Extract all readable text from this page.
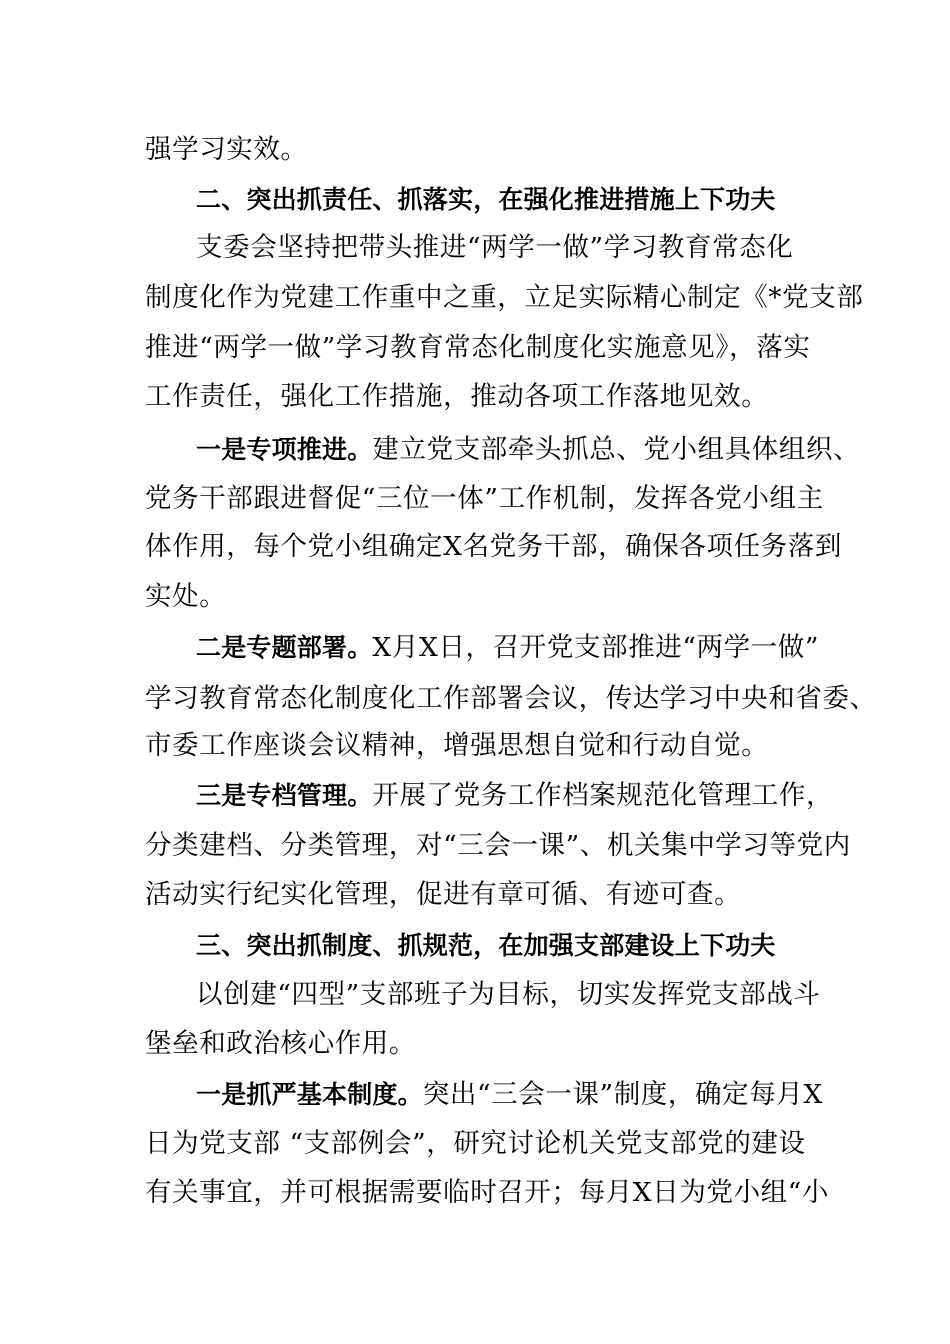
强学习实效。
二、突出抓责任、抓落实，在强化推进措施上下功夫
支委会坚持把带头推进“两学一做”学习教育常态化
制度化作为党建工作重中之重，立足实际精心制定《*党支部
推进“两学一做”学习教育常态化制度化实施意见》，落实
工作责任，强化工作措施，推动各项工作落地见效。
一是专项推进。建立党支部牵头抓总、党小组具体组织、
党务干部跟进督促“三位一体”工作机制，发挥各党小组主
体作用，每个党小组确定X名党务干部，确保各项任务落到
实处。
二是专题部署。X月X日，召开党支部推进“两学一做”
学习教育常态化制度化工作部署会议，传达学习中央和省委、
市委工作座谈会议精神，增强思想自觉和行动自觉。
三是专档管理。开展了党务工作档案规范化管理工作，
分类建档、分类管理，对“三会一课”、机关集中学习等党内
活动实行纪实化管理，促进有章可循、有迹可查。
三、突出抓制度、抓规范，在加强支部建设上下功夫
以创建“四型”支部班子为目标，切实发挥党支部战斗
堡垒和政治核心作用。
一是抓严基本制度。突出“三会一课”制度，确定每月X
日为党支部 “支部例会”，研究讨论机关党支部党的建设
有关事宜，并可根据需要临时召开；每月X日为党小组“小
